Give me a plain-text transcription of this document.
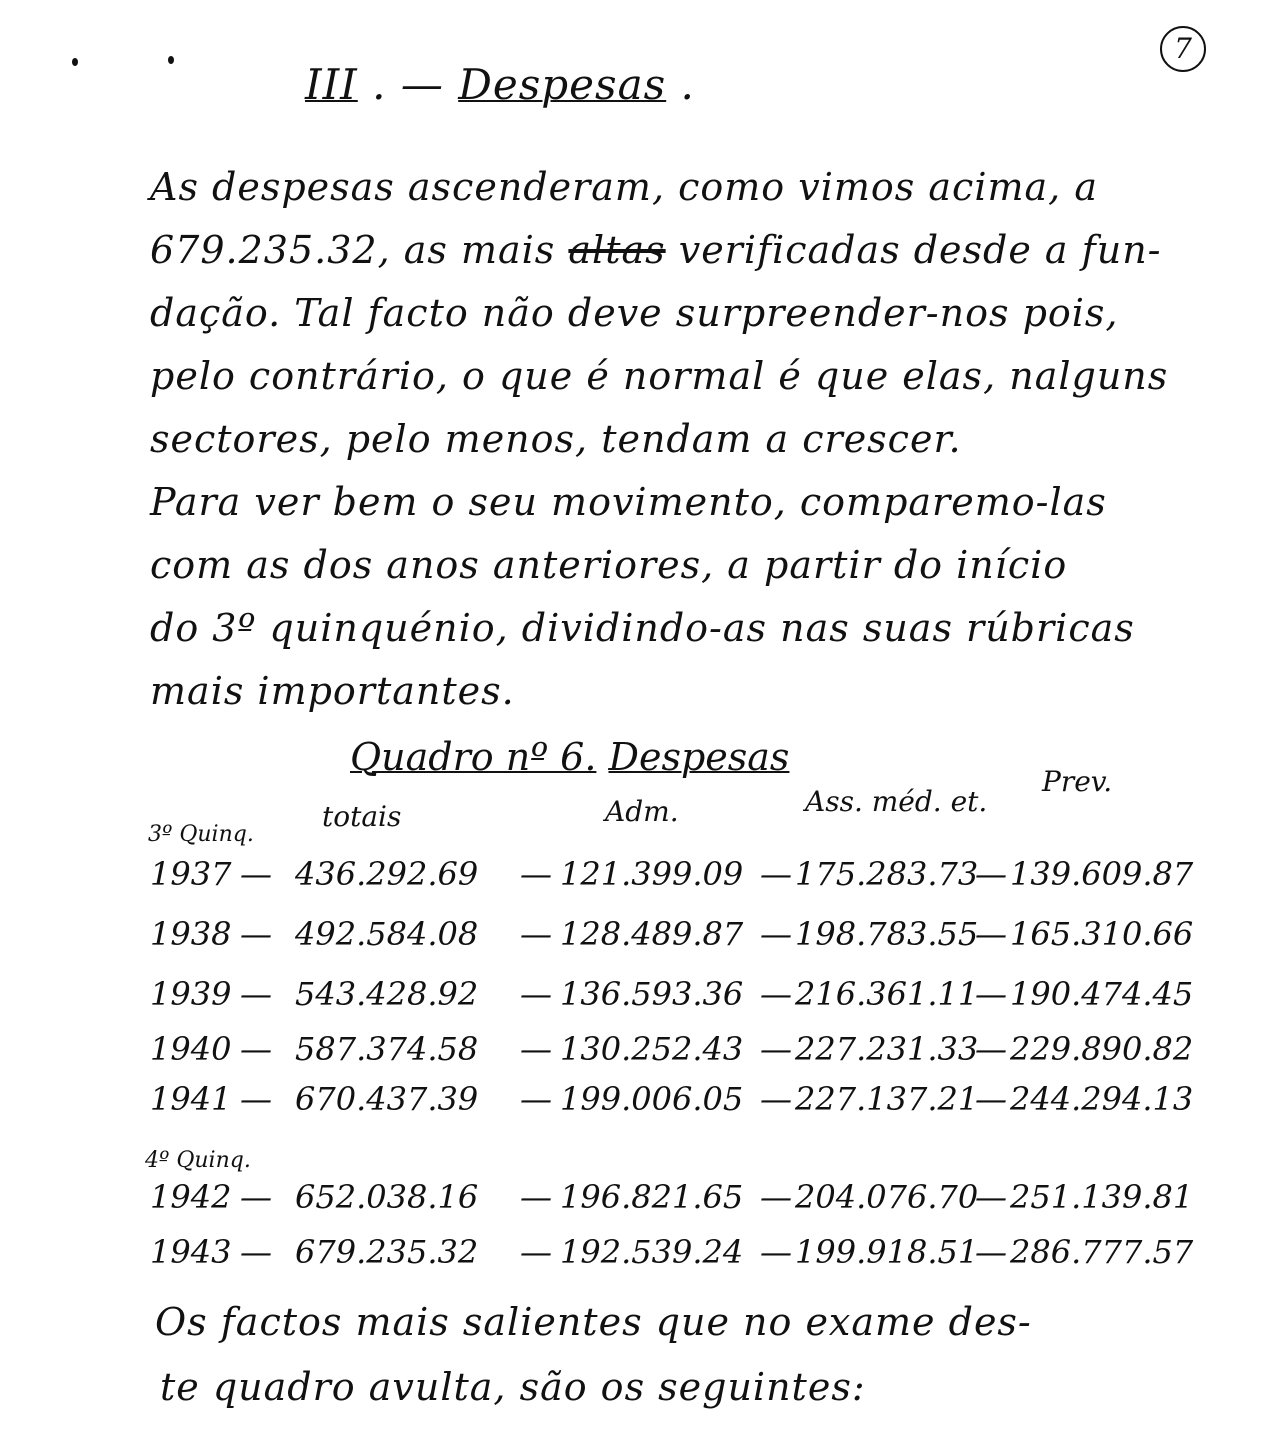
7
III . — Despesas .
As despesas ascenderam, como vimos acima, a
679.235.32, as mais altas verificadas desde a fun-
dação. Tal facto não deve surpreender-nos pois,
pelo contrário, o que é normal é que elas, nalguns
sectores, pelo menos, tendam a crescer.
Para ver bem o seu movimento, comparemo-las
com as dos anos anteriores, a partir do início
do 3º quinquénio, dividindo-as nas suas rúbricas
mais importantes.
Quadro nº 6. Despesas
totais	Adm.	Ass. méd. et.
Prev.
3º Quinq.
1937 — 436.292.69 — 121.399.09 — 175.283.73
— 139.609.87
1938 — 492.584.08 — 128.489.87 — 198.783.55
— 165.310.66
1939 — 543.428.92 — 136.593.36 — 216.361.11
— 190.474.45
1940 — 587.374.58 — 130.252.43 — 227.231.33
— 229.890.82
1941 — 670.437.39 — 199.006.05 — 227.137.21
— 244.294.13
4º Quinq.
1942 — 652.038.16 — 196.821.65 — 204.076.70
— 251.139.81
1943 — 679.235.32 — 192.539.24 — 199.918.51
— 286.777.57
Os factos mais salientes que no exame des-
te quadro avulta, são os seguintes:
